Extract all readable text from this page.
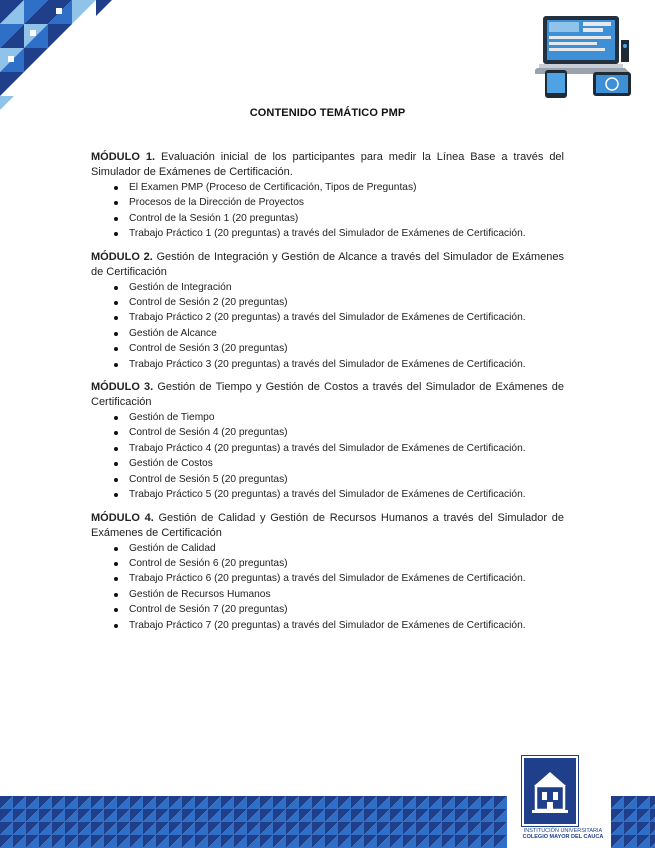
CONTENIDO TEMÁTICO PMP
MÓDULO 1. Evaluación inicial de los participantes para medir la Línea Base a través del Simulador de Exámenes de Certificación.
El Examen PMP (Proceso de Certificación, Tipos de Preguntas)
Procesos de la Dirección de Proyectos
Control de la Sesión 1 (20 preguntas)
Trabajo Práctico 1 (20 preguntas) a través del Simulador de Exámenes de Certificación.
MÓDULO 2. Gestión de Integración y Gestión de Alcance a través del Simulador de Exámenes de Certificación
Gestión de Integración
Control de Sesión 2 (20 preguntas)
Trabajo Práctico 2 (20 preguntas) a través del Simulador de Exámenes de Certificación.
Gestión de Alcance
Control de Sesión 3 (20 preguntas)
Trabajo Práctico 3 (20 preguntas) a través del Simulador de Exámenes de Certificación.
MÓDULO 3. Gestión de Tiempo y Gestión de Costos a través del Simulador de Exámenes de Certificación
Gestión de Tiempo
Control de Sesión 4 (20 preguntas)
Trabajo Práctico 4 (20 preguntas) a través del Simulador de Exámenes de Certificación.
Gestión de Costos
Control de Sesión 5 (20 preguntas)
Trabajo Práctico 5 (20 preguntas) a través del Simulador de Exámenes de Certificación.
MÓDULO 4. Gestión de Calidad y Gestión de Recursos Humanos a través del Simulador de Exámenes de Certificación
Gestión de Calidad
Control de Sesión 6 (20 preguntas)
Trabajo Práctico 6 (20 preguntas) a través del Simulador de Exámenes de Certificación.
Gestión de Recursos Humanos
Control de Sesión 7 (20 preguntas)
Trabajo Práctico 7 (20 preguntas) a través del Simulador de Exámenes de Certificación.
INSTITUCIÓN UNIVERSITARIA
COLEGIO MAYOR DEL CAUCA
